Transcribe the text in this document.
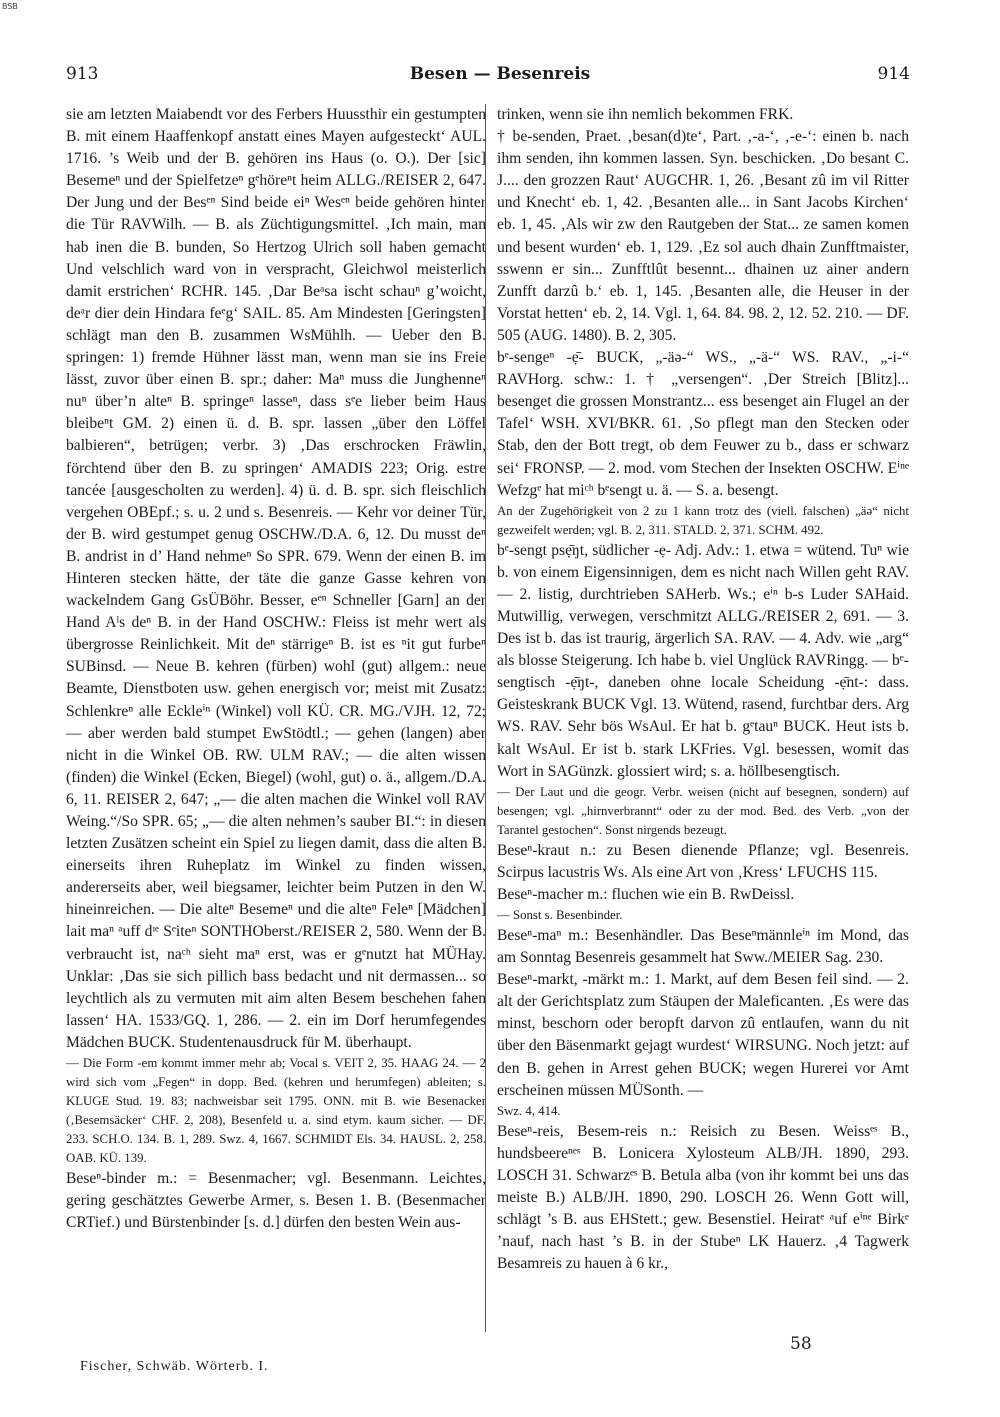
BSB
913	Besen — Besenreis	914

sie am letzten Maiabendt vor des Ferbers Huussthir ein gestumpten B. mit einem Haaffenkopf anstatt eines Mayen aufgesteckt‘ AUL. 1716. ’s Weib und der B. gehören ins Haus (o. O.). Der [sic] Besemeⁿ und der Spielfetzeⁿ gᵉhöreⁿt heim ALLG./REISER 2, 647. Der Jung und der Besᵉⁿ Sind beide eiⁿ Wesᵉⁿ beide gehören hinter die Tür RAVWilh. — B. als Züchtigungsmittel. ‚Ich main, man hab inen die B. bunden, So Hertzog Ulrich soll haben gemacht Und velschlich ward von in verspracht, Gleichwol meisterlich damit erstrichen‘ RCHR. 145. ‚Dar Beᵃsa ischt schauⁿ g’woicht, deᵃr dier dein Hindara feᵉg‘ SAIL. 85. Am Mindesten [Geringsten] schlägt man den B. zusammen WsMühlh. — Ueber den B. springen: 1) fremde Hühner lässt man, wenn man sie ins Freie lässt, zuvor über einen B. spr.; daher: Maⁿ muss die Junghenneⁿ nuⁿ über’n alteⁿ B. springeⁿ lasseⁿ, dass sᵉe lieber beim Haus bleibeⁿt GM. 2) einen ü. d. B. spr. lassen „über den Löffel balbieren“, betrügen; verbr. 3) ‚Das erschrocken Fräwlin, förchtend über den B. zu springen‘ AMADIS 223; Orig. estre tancée [ausgescholten zu werden]. 4) ü. d. B. spr. sich fleischlich vergehen OBEpf.; s. u. 2 und s. Besenreis. — Kehr vor deiner Tür, der B. wird gestumpet genug OSCHW./D.A. 6, 12. Du musst deⁿ B. andrist in d’ Hand nehmeⁿ So SPR. 679. Wenn der einen B. im Hinteren stecken hätte, der täte die ganze Gasse kehren von wackelndem Gang GsÜBöhr. Besser, eᵉⁿ Schneller [Garn] an der Hand Aˡs deⁿ B. in der Hand OSCHW.: Fleiss ist mehr wert als übergrosse Reinlichkeit. Mit deⁿ stärrigeⁿ B. ist es ⁿit gut furbeⁿ SUBinsd. — Neue B. kehren (fürben) wohl (gut) allgem.: neue Beamte, Dienstboten usw. gehen energisch vor; meist mit Zusatz: Schlenkreⁿ alle Eckleⁱⁿ (Winkel) voll KÜ. CR. MG./VJH. 12, 72; — aber werden bald stumpet EwStödtl.; — gehen (langen) aber nicht in die Winkel OB. RW. ULM RAV.; — die alten wissen (finden) die Winkel (Ecken, Biegel) (wohl, gut) o. ä., allgem./D.A. 6, 11. REISER 2, 647; „— die alten machen die Winkel voll RAV Weing.“/So SPR. 65; „— die alten nehmen’s sauber BI.“: in diesen letzten Zusätzen scheint ein Spiel zu liegen damit, dass die alten B. einerseits ihren Ruheplatz im Winkel zu finden wissen, andererseits aber, weil biegsamer, leichter beim Putzen in den W. hineinreichen. — Die alteⁿ Besemeⁿ und die alteⁿ Feleⁿ [Mädchen] lait maⁿ ᵃuff dᶦᵉ Sᵉiteⁿ SONTHOberst./REISER 2, 580. Wenn der B. verbraucht ist, naᶜʰ sieht maⁿ erst, was er gᵉnutzt hat MÜHay. Unklar: ‚Das sie sich pillich bass bedacht und nit dermassen... so leychtlich als zu vermuten mit aim alten Besem beschehen fahen lassen‘ HA. 1533/GQ. 1, 286. — 2. ein im Dorf herumfegendes Mädchen BUCK. Studentenausdruck für M. überhaupt.

— Die Form -em kommt immer mehr ab; Vocal s. VEIT 2, 35. HAAG 24. — 2 wird sich vom „Fegen“ in dopp. Bed. (kehren und herumfegen) ableiten; s. KLUGE Stud. 19. 83; nachweisbar seit 1795. ONN. mit B. wie Besenacker (‚Besemsäcker‘ CHF. 2, 208), Besenfeld u. a. sind etym. kaum sicher. — DF. 233. SCH.O. 134. B. 1, 289. Swz. 4, 1667. SCHMIDT Els. 34. HAUSL. 2, 258. OAB. KÜ. 139.

Beseⁿ-binder m.: = Besenmacher; vgl. Besenmann. Leichtes, gering geschätztes Gewerbe Armer, s. Besen 1. B. (Besenmacher CRTief.) und Bürstenbinder [s. d.] dürfen den besten Wein aus-

trinken, wenn sie ihn nemlich bekommen FRK.

† be-senden, Praet. ‚besan(d)te‘, Part. ‚-a-‘, ‚-e-‘: einen b. nach ihm senden, ihn kommen lassen. Syn. beschicken. ‚Do besant C. J.... den grozzen Raut‘ AUGCHR. 1, 26. ‚Besant zû im vil Ritter und Knecht‘ eb. 1, 42. ‚Besanten alle... in Sant Jacobs Kirchen‘ eb. 1, 45. ‚Als wir zw den Rautgeben der Stat... ze samen komen und besent wurden‘ eb. 1, 129. ‚Ez sol auch dhain Zunfftmaister, sswenn er sin... Zunfftlût besennt... dhainen uz ainer andern Zunfft darzû b.‘ eb. 1, 145. ‚Besanten alle, die Heuser in der Vorstat hetten‘ eb. 2, 14. Vgl. 1, 64. 84. 98. 2, 12. 52. 210. — DF. 505 (AUG. 1480). B. 2, 305.

bᵉ-sengeⁿ -ẹ̄- BUCK, „-äə-“ WS., „-ä-“ WS. RAV., „-i-“ RAVHorg. schw.: 1. † „versengen“. ‚Der Streich [Blitz]... besenget die grossen Monstrantz... ess besenget ain Flugel an der Tafel‘ WSH. XVI/BKR. 61. ‚So pflegt man den Stecken oder Stab, den der Bott tregt, ob dem Feuwer zu b., dass er schwarz sei‘ FRONSP. — 2. mod. vom Stechen der Insekten OSCHW. Eⁱⁿᵉ Wefzgᵉ hat miᶜʰ bᵉsengt u. ä. — S. a. besengt.

An der Zugehörigkeit von 2 zu 1 kann trotz des (viell. falschen) „äə“ nicht gezweifelt werden; vgl. B. 2, 311. STALD. 2, 371. SCHM. 492.

bᵉ-sengt psẹ̄ŋt, südlicher -ẹ- Adj. Adv.: 1. etwa = wütend. Tuⁿ wie b. von einem Eigensinnigen, dem es nicht nach Willen geht RAV. — 2. listig, durchtrieben SAHerb. Ws.; eⁱⁿ b-s Luder SAHaid. Mutwillig, verwegen, verschmitzt ALLG./REISER 2, 691. — 3. Des ist b. das ist traurig, ärgerlich SA. RAV. — 4. Adv. wie „arg“ als blosse Steigerung. Ich habe b. viel Unglück RAVRingg. — bᵉ-sengtisch -ẹ̄ŋt-, daneben ohne locale Scheidung -ẹ̄nt-: dass. Geisteskrank BUCK Vgl. 13. Wütend, rasend, furchtbar ders. Arg WS. RAV. Sehr bös WsAul. Er hat b. gᵉtauⁿ BUCK. Heut ists b. kalt WsAul. Er ist b. stark LKFries. Vgl. besessen, womit das Wort in SAGünzk. glossiert wird; s. a. höllbesengtisch.

— Der Laut und die geogr. Verbr. weisen (nicht auf besegnen, sondern) auf besengen; vgl. „hirnverbrannt“ oder zu der mod. Bed. des Verb. „von der Tarantel gestochen“. Sonst nirgends bezeugt.

Beseⁿ-kraut n.: zu Besen dienende Pflanze; vgl. Besenreis. Scirpus lacustris Ws. Als eine Art von ‚Kress‘ LFUCHS 115.

Beseⁿ-macher m.: fluchen wie ein B. RwDeissl.

— Sonst s. Besenbinder.

Beseⁿ-maⁿ m.: Besenhändler. Das Beseⁿmännleⁱⁿ im Mond, das am Sonntag Besenreis gesammelt hat Sww./MEIER Sag. 230.

Beseⁿ-markt, -märkt m.: 1. Markt, auf dem Besen feil sind. — 2. alt der Gerichtsplatz zum Stäupen der Maleficanten. ‚Es were das minst, beschorn oder beropft darvon zû entlaufen, wann du nit über den Bäsenmarkt gejagt wurdest‘ WIRSUNG. Noch jetzt: auf den B. gehen in Arrest gehen BUCK; wegen Hurerei vor Amt erscheinen müssen MÜSonth. —

Swz. 4, 414.

Beseⁿ-reis, Besem-reis n.: Reisich zu Besen. Weissᵉˢ B., hundsbeereⁿᵉˢ B. Lonicera Xylosteum ALB/JH. 1890, 293. LOSCH 31. Schwarzᵉˢ B. Betula alba (von ihr kommt bei uns das meiste B.) ALB/JH. 1890, 290. LOSCH 26. Wenn Gott will, schlägt ’s B. aus EHStett.; gew. Besenstiel. Heiratᵉ ᵃuf eⁱⁿᵉ Birkᵉ ’nauf, nach hast ’s B. in der Stubeⁿ LK Hauerz. ‚4 Tagwerk Besamreis zu hauen à 6 kr.,

Fischer, Schwäb. Wörterb. I.
58
